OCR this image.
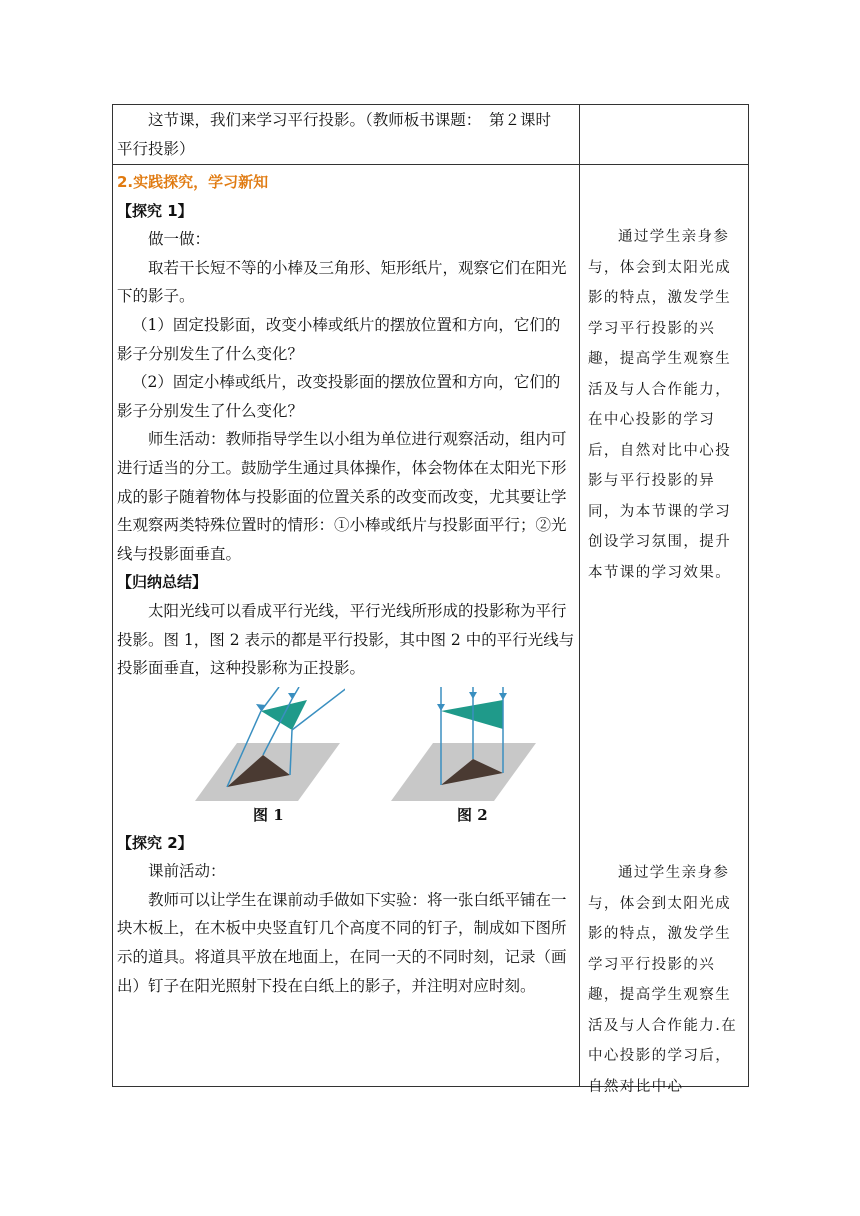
这节课，我们来学习平行投影。（教师板书课题：　第２课时　平行投影）

2.实践探究，学习新知

【探究 1】

做一做：

取若干长短不等的小棒及三角形、矩形纸片，观察它们在阳光下的影子。

（1）固定投影面，改变小棒或纸片的摆放位置和方向，它们的影子分别发生了什么变化？

（2）固定小棒或纸片，改变投影面的摆放位置和方向，它们的影子分别发生了什么变化？

师生活动：教师指导学生以小组为单位进行观察活动，组内可进行适当的分工。鼓励学生通过具体操作，体会物体在太阳光下形成的影子随着物体与投影面的位置关系的改变而改变，尤其要让学生观察两类特殊位置时的情形：①小棒或纸片与投影面平行；②光线与投影面垂直。

【归纳总结】

太阳光线可以看成平行光线，平行光线所形成的投影称为平行投影。图 1，图 2 表示的都是平行投影，其中图 2 中的平行光线与投影面垂直，这种投影称为正投影。

图 1	图 2

【探究 2】

课前活动：

教师可以让学生在课前动手做如下实验：将一张白纸平铺在一块木板上，在木板中央竖直钉几个高度不同的钉子，制成如下图所示的道具。将道具平放在地面上，在同一天的不同时刻，记录（画出）钉子在阳光照射下投在白纸上的影子，并注明对应时刻。

通过学生亲身参与，体会到太阳光成影的特点，激发学生学习平行投影的兴趣，提高学生观察生活及与人合作能力，在中心投影的学习后，自然对比中心投影与平行投影的异同，为本节课的学习创设学习氛围，提升本节课的学习效果。
通过学生亲身参与，体会到太阳光成影的特点，激发学生学习平行投影的兴趣，提高学生观察生活及与人合作能力.在中心投影的学习后，自然对比中心
